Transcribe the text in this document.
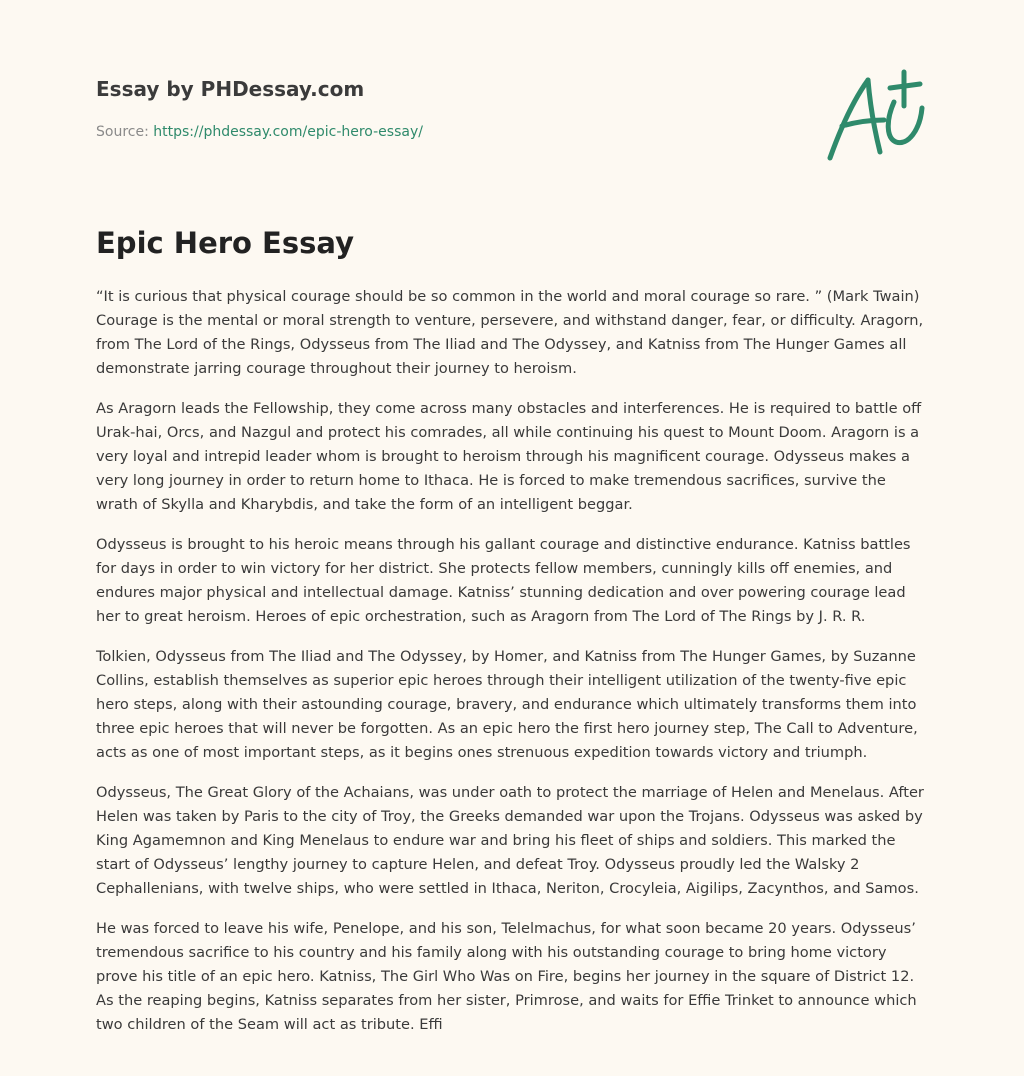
Essay by PHDessay.com
Source: https://phdessay.com/epic-hero-essay/
Epic Hero Essay

“It is curious that physical courage should be so common in the world and moral courage so rare. ” (Mark Twain) Courage is the mental or moral strength to venture, persevere, and withstand danger, fear, or difficulty. Aragorn, from The Lord of the Rings, Odysseus from The Iliad and The Odyssey, and Katniss from The Hunger Games all demonstrate jarring courage throughout their journey to heroism.

As Aragorn leads the Fellowship, they come across many obstacles and interferences. He is required to battle off Urak-hai, Orcs, and Nazgul and protect his comrades, all while continuing his quest to Mount Doom. Aragorn is a very loyal and intrepid leader whom is brought to heroism through his magnificent courage. Odysseus makes a very long journey in order to return home to Ithaca. He is forced to make tremendous sacrifices, survive the wrath of Skylla and Kharybdis, and take the form of an intelligent beggar.

Odysseus is brought to his heroic means through his gallant courage and distinctive endurance. Katniss battles for days in order to win victory for her district. She protects fellow members, cunningly kills off enemies, and endures major physical and intellectual damage. Katniss’ stunning dedication and over powering courage lead her to great heroism. Heroes of epic orchestration, such as Aragorn from The Lord of The Rings by J. R. R.

Tolkien, Odysseus from The Iliad and The Odyssey, by Homer, and Katniss from The Hunger Games, by Suzanne Collins, establish themselves as superior epic heroes through their intelligent utilization of the twenty-five epic hero steps, along with their astounding courage, bravery, and endurance which ultimately transforms them into three epic heroes that will never be forgotten. As an epic hero the first hero journey step, The Call to Adventure, acts as one of most important steps, as it begins ones strenuous expedition towards victory and triumph.

Odysseus, The Great Glory of the Achaians, was under oath to protect the marriage of Helen and Menelaus. After Helen was taken by Paris to the city of Troy, the Greeks demanded war upon the Trojans. Odysseus was asked by King Agamemnon and King Menelaus to endure war and bring his fleet of ships and soldiers. This marked the start of Odysseus’ lengthy journey to capture Helen, and defeat Troy. Odysseus proudly led the Walsky 2 Cephallenians, with twelve ships, who were settled in Ithaca, Neriton, Crocyleia, Aigilips, Zacynthos, and Samos.

He was forced to leave his wife, Penelope, and his son, Telelmachus, for what soon became 20 years. Odysseus’ tremendous sacrifice to his country and his family along with his outstanding courage to bring home victory prove his title of an epic hero. Katniss, The Girl Who Was on Fire, begins her journey in the square of District 12. As the reaping begins, Katniss separates from her sister, Primrose, and waits for Effie Trinket to announce which two children of the Seam will act as tribute. Effi
